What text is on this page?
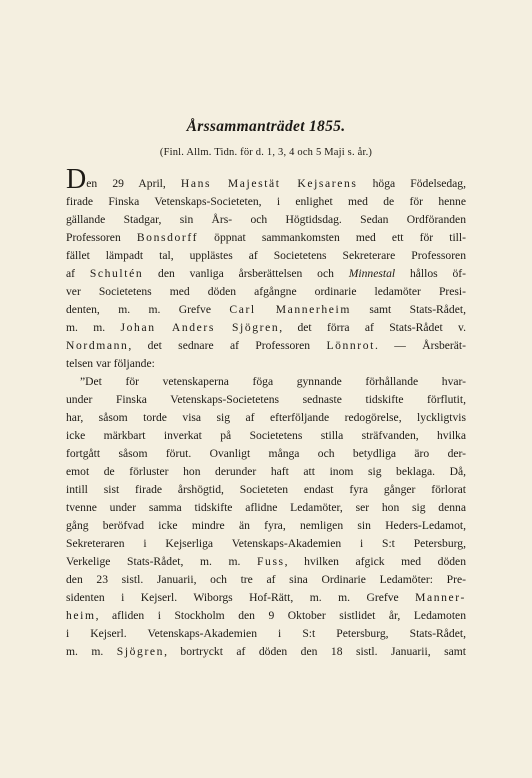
Årssammanträdet 1855.
(Finl. Allm. Tidn. för d. 1, 3, 4 och 5 Maji s. år.)
Den 29 April, Hans Majestät Kejsarens höga Födelsedag,
firade Finska Vetenskaps-Societeten, i enlighet med de för henne
gällande Stadgar, sin Års- och Högtidsdag. Sedan Ordföranden
Professoren Bonsdorff öppnat sammankomsten med ett för till-
fället lämpadt tal, upplästes af Societetens Sekreterare Professoren
af Schultén den vanliga årsberättelsen och Minnestal hållos öf-
ver Societetens med döden afgångne ordinarie ledamöter Presi-
denten, m. m. Grefve Carl Mannerheim samt Stats-Rådet,
m. m. Johan Anders Sjögren, det förra af Stats-Rådet v.
Nordmann, det sednare af Professoren Lönnrot. — Årsberät-
telsen var följande:
”Det för vetenskaperna föga gynnande förhållande hvar-
under Finska Vetenskaps-Societetens sednaste tidskifte förflutit,
har, såsom torde visa sig af efterföljande redogörelse, lyckligtvis
icke märkbart inverkat på Societetens stilla sträfvanden, hvilka
fortgått såsom förut. Ovanligt många och betydliga äro der-
emot de förluster hon derunder haft att inom sig beklaga. Då,
intill sist firade årshögtid, Societeten endast fyra gånger förlorat
tvenne under samma tidskifte aflidne Ledamöter, ser hon sig denna
gång beröfvad icke mindre än fyra, nemligen sin Heders-Ledamot,
Sekreteraren i Kejserliga Vetenskaps-Akademien i S:t Petersburg,
Verkelige Stats-Rådet, m. m. Fuss, hvilken afgick med döden
den 23 sistl. Januarii, och tre af sina Ordinarie Ledamöter: Pre-
sidenten i Kejserl. Wiborgs Hof-Rätt, m. m. Grefve Manner-
heim, afliden i Stockholm den 9 Oktober sistlidet år, Ledamoten
i Kejserl. Vetenskaps-Akademien i S:t Petersburg, Stats-Rådet,
m. m. Sjögren, bortryckt af döden den 18 sistl. Januarii, samt
